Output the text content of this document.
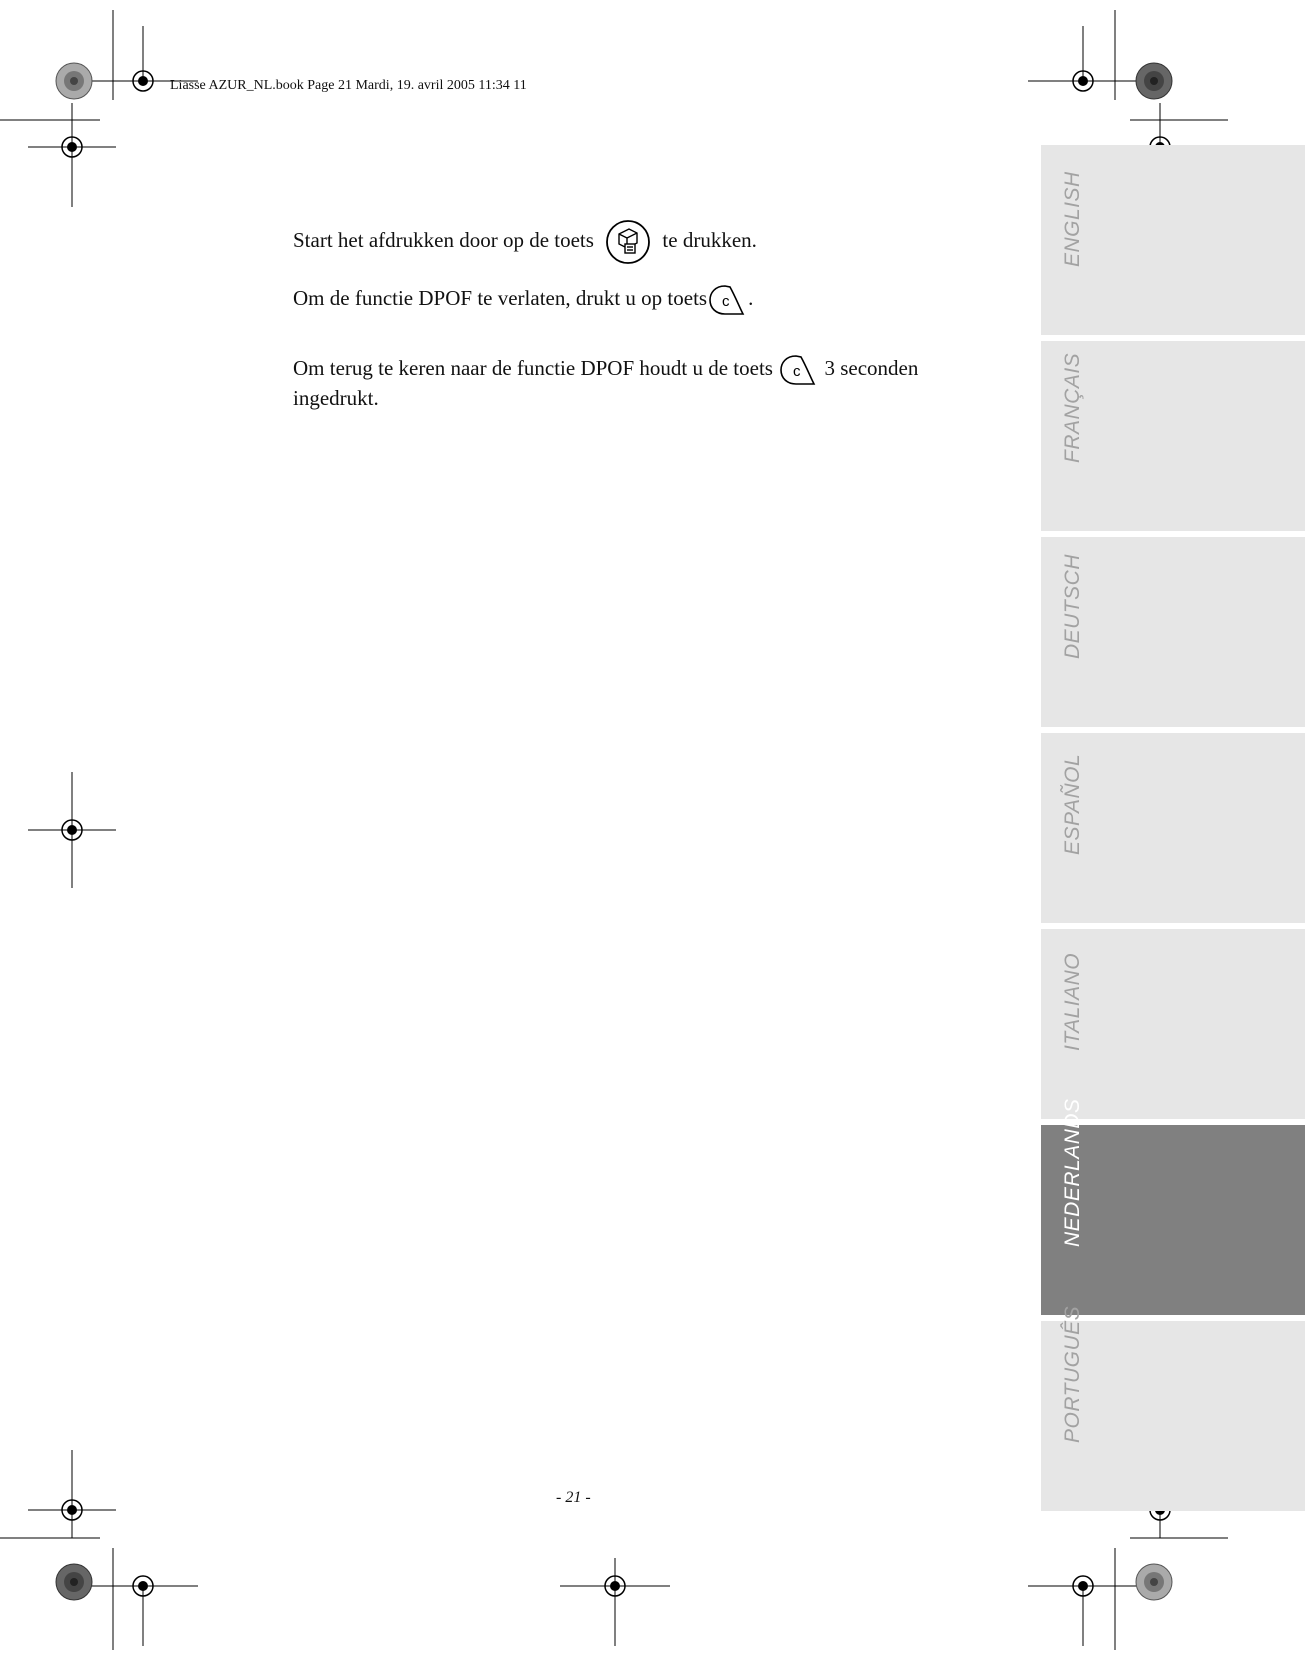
Liasse AZUR_NL.book Page 21 Mardi, 19. avril 2005 11:34 11
Start het afdrukken door op de toets	te drukken.
Om de functie DPOF te verlaten, drukt u op toets c .
Om terug te keren naar de functie DPOF houdt u de toets c 3 seconden
ingedrukt.
- 21 -
ENGLISH
FRANÇAIS
DEUTSCH
ESPAÑOL
ITALIANO
NEDERLANDS
PORTUGUÊS
